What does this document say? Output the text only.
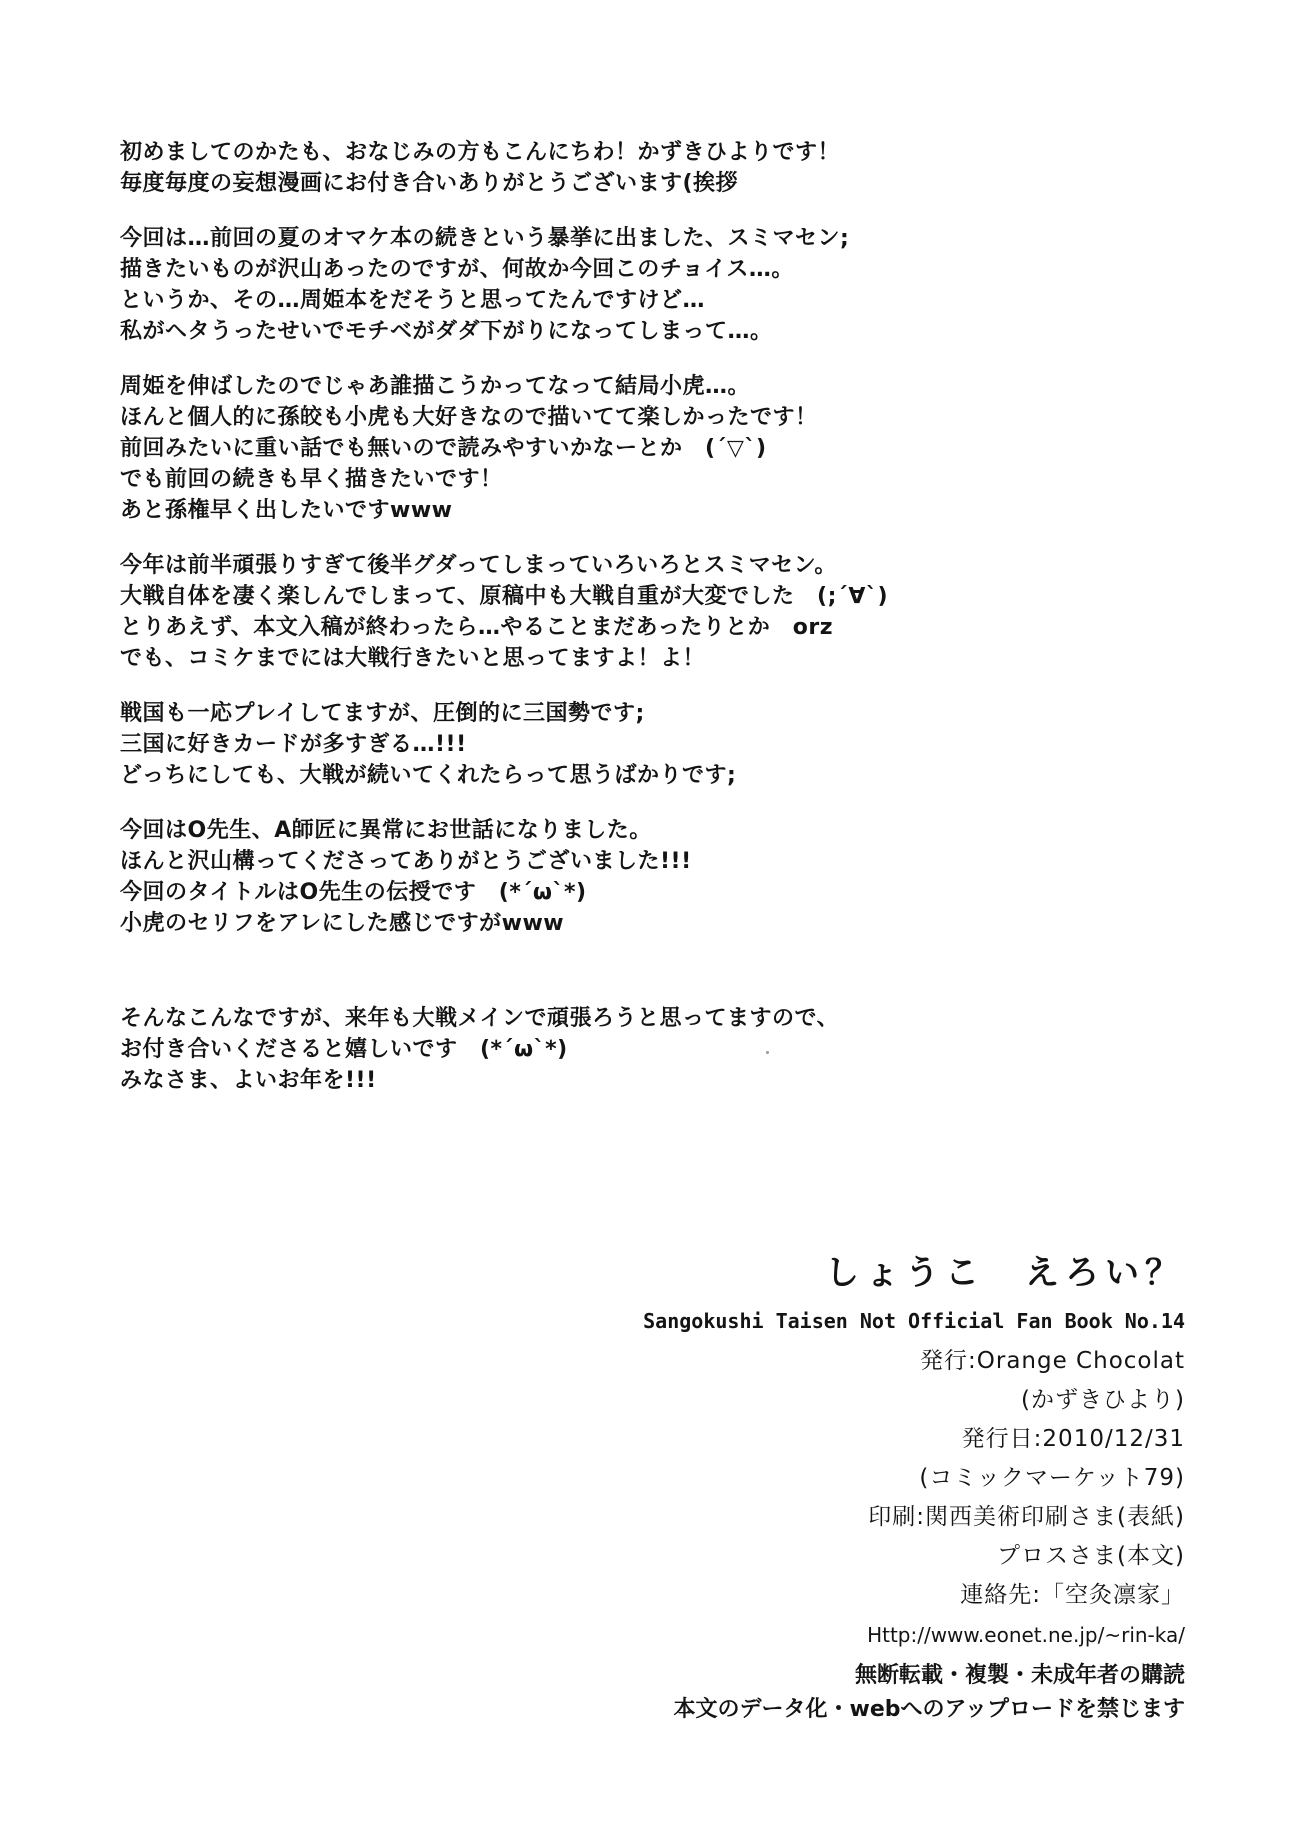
初めましてのかたも、おなじみの方もこんにちわ！かずきひよりです！
毎度毎度の妄想漫画にお付き合いありがとうございます(挨拶
今回は…前回の夏のオマケ本の続きという暴挙に出ました、スミマセン;
描きたいものが沢山あったのですが、何故か今回このチョイス…。
というか、その…周姫本をだそうと思ってたんですけど…
私がヘタうったせいでモチベがダダ下がりになってしまって…。
周姫を伸ばしたのでじゃあ誰描こうかってなって結局小虎…。
ほんと個人的に孫皎も小虎も大好きなので描いてて楽しかったです！
前回みたいに重い話でも無いので読みやすいかなーとか　(´▽`)
でも前回の続きも早く描きたいです！
あと孫権早く出したいですwww
今年は前半頑張りすぎて後半グダってしまっていろいろとスミマセン。
大戦自体を凄く楽しんでしまって、原稿中も大戦自重が大変でした　(;´∀`)
とりあえず、本文入稿が終わったら…やることまだあったりとか　orz
でも、コミケまでには大戦行きたいと思ってますよ！よ！
戦国も一応プレイしてますが、圧倒的に三国勢です;
三国に好きカードが多すぎる…!!!
どっちにしても、大戦が続いてくれたらって思うばかりです;
今回はO先生、A師匠に異常にお世話になりました。
ほんと沢山構ってくださってありがとうございました!!!
今回のタイトルはO先生の伝授です　(*´ω`*)
小虎のセリフをアレにした感じですがwww
そんなこんなですが、来年も大戦メインで頑張ろうと思ってますので、
お付き合いくださると嬉しいです　(*´ω`*)
みなさま、よいお年を!!!
しょうこ　えろい？
Sangokushi Taisen Not Official Fan Book No.14
発行:Orange Chocolat
(かずきひより)
発行日:2010/12/31
(コミックマーケット79)
印刷:関西美術印刷さま(表紙)
プロスさま(本文)
連絡先:「空灸凛家」
Http://www.eonet.ne.jp/~rin-ka/
無断転載・複製・未成年者の購読
本文のデータ化・webへのアップロードを禁じます
